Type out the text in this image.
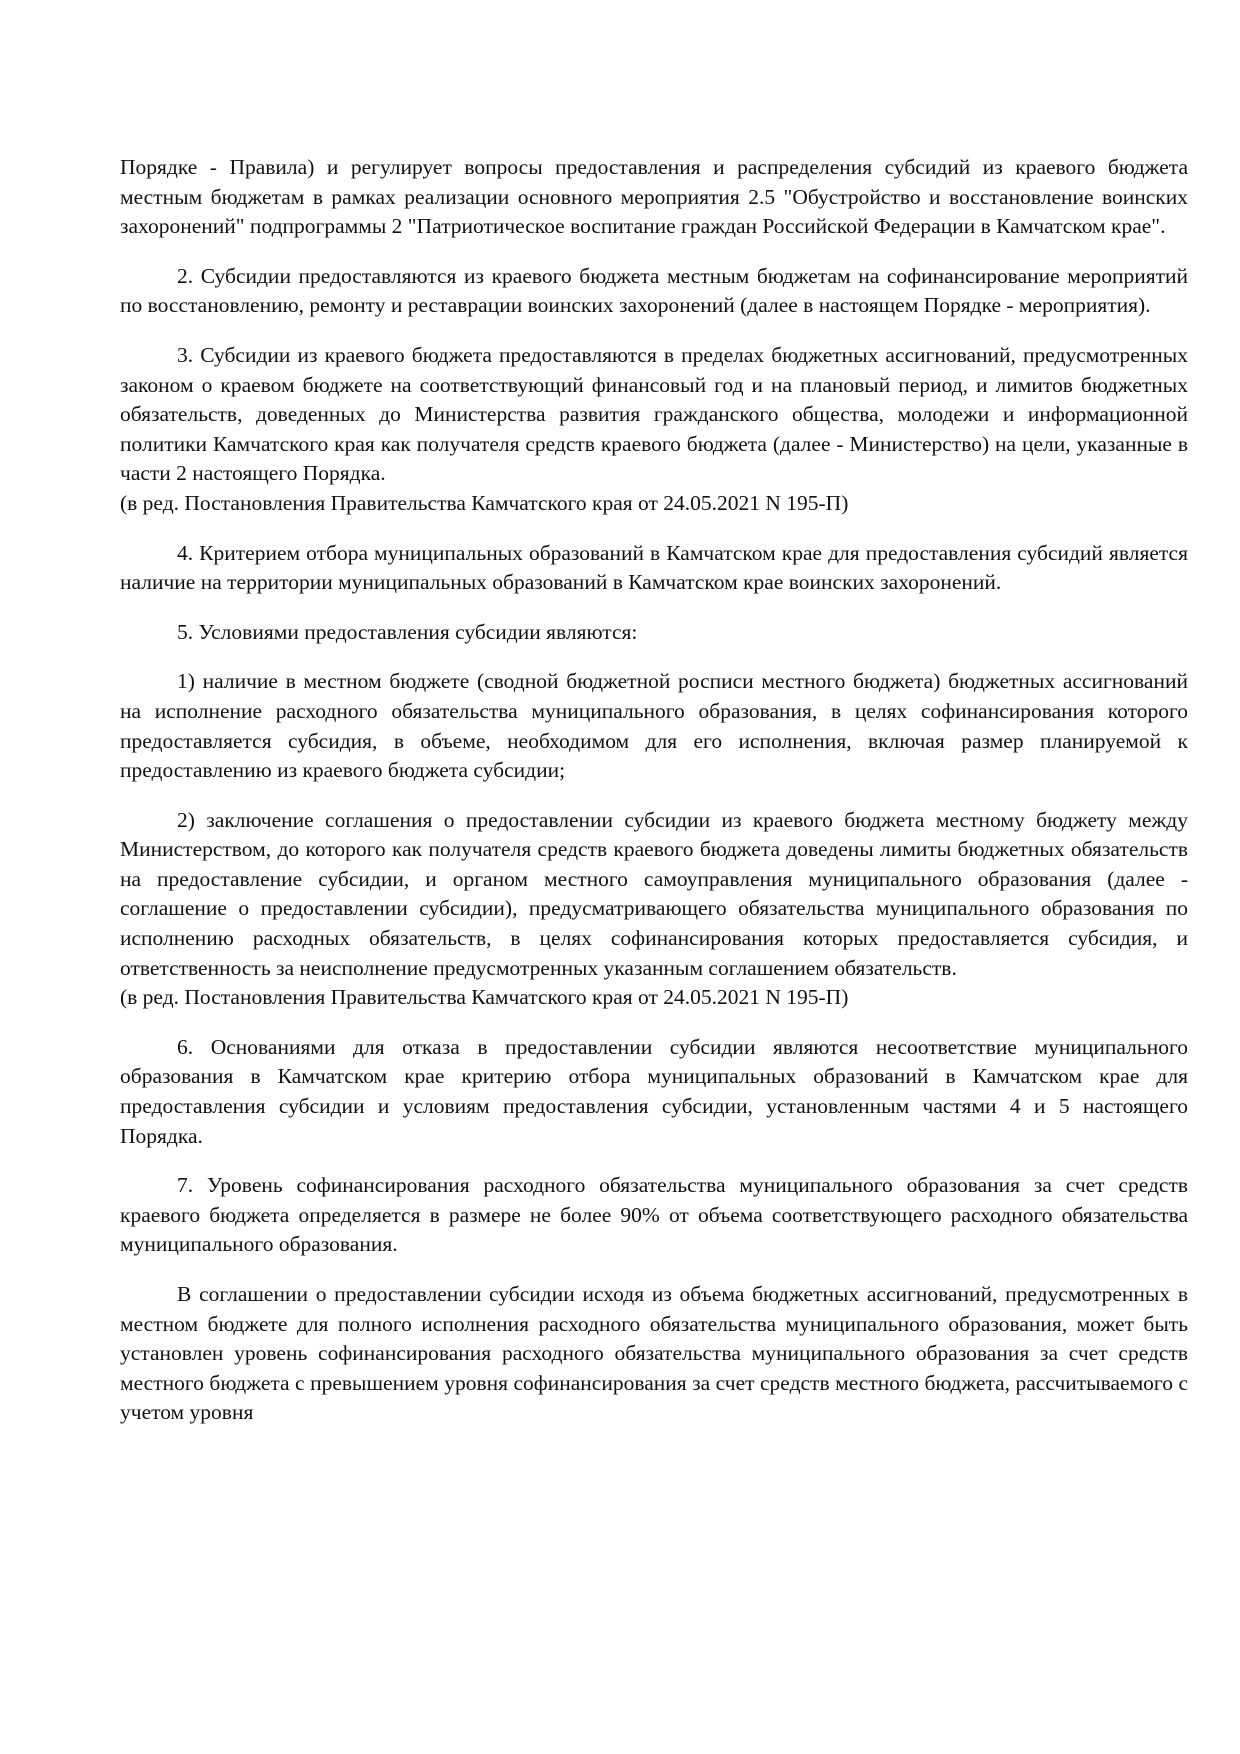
Порядке - Правила) и регулирует вопросы предоставления и распределения субсидий из краевого бюджета местным бюджетам в рамках реализации основного мероприятия 2.5 "Обустройство и восстановление воинских захоронений" подпрограммы 2 "Патриотическое воспитание граждан Российской Федерации в Камчатском крае".

2. Субсидии предоставляются из краевого бюджета местным бюджетам на софинансирование мероприятий по восстановлению, ремонту и реставрации воинских захоронений (далее в настоящем Порядке - мероприятия).

3. Субсидии из краевого бюджета предоставляются в пределах бюджетных ассигнований, предусмотренных законом о краевом бюджете на соответствующий финансовый год и на плановый период, и лимитов бюджетных обязательств, доведенных до Министерства развития гражданского общества, молодежи и информационной политики Камчатского края как получателя средств краевого бюджета (далее - Министерство) на цели, указанные в части 2 настоящего Порядка.

(в ред. Постановления Правительства Камчатского края от 24.05.2021 N 195-П)

4. Критерием отбора муниципальных образований в Камчатском крае для предоставления субсидий является наличие на территории муниципальных образований в Камчатском крае воинских захоронений.

5. Условиями предоставления субсидии являются:

1) наличие в местном бюджете (сводной бюджетной росписи местного бюджета) бюджетных ассигнований на исполнение расходного обязательства муниципального образования, в целях софинансирования которого предоставляется субсидия, в объеме, необходимом для его исполнения, включая размер планируемой к предоставлению из краевого бюджета субсидии;

2) заключение соглашения о предоставлении субсидии из краевого бюджета местному бюджету между Министерством, до которого как получателя средств краевого бюджета доведены лимиты бюджетных обязательств на предоставление субсидии, и органом местного самоуправления муниципального образования (далее - соглашение о предоставлении субсидии), предусматривающего обязательства муниципального образования по исполнению расходных обязательств, в целях софинансирования которых предоставляется субсидия, и ответственность за неисполнение предусмотренных указанным соглашением обязательств.

(в ред. Постановления Правительства Камчатского края от 24.05.2021 N 195-П)

6. Основаниями для отказа в предоставлении субсидии являются несоответствие муниципального образования в Камчатском крае критерию отбора муниципальных образований в Камчатском крае для предоставления субсидии и условиям предоставления субсидии, установленным частями 4 и 5 настоящего Порядка.

7. Уровень софинансирования расходного обязательства муниципального образования за счет средств краевого бюджета определяется в размере не более 90% от объема соответствующего расходного обязательства муниципального образования.

В соглашении о предоставлении субсидии исходя из объема бюджетных ассигнований, предусмотренных в местном бюджете для полного исполнения расходного обязательства муниципального образования, может быть установлен уровень софинансирования расходного обязательства муниципального образования за счет средств местного бюджета с превышением уровня софинансирования за счет средств местного бюджета, рассчитываемого с учетом уровня
